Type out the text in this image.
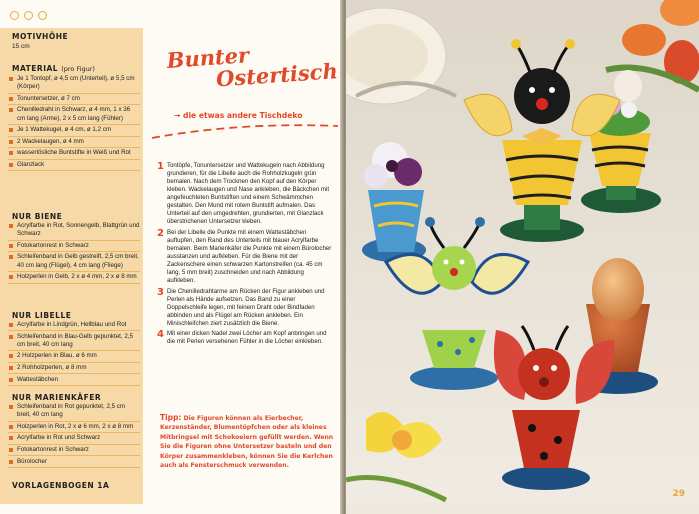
MOTIVHÖHE
15 cm
MATERIAL (pro Figur)
Je 1 Tontopf, ø 4,5 cm (Unterteil), ø 5,5 cm (Körper)
Tonuntersetzer, ø 7 cm
Chenilledraht in Schwarz, ø 4 mm, 1 x 36 cm lang (Arme), 2 x 5 cm lang (Fühler)
Je 1 Wattekugel, ø 4 cm, ø 1,2 cm
2 Wackelaugen, ø 4 mm
wasserlösliche Buntstifte in Weiß und Rot
Glanzlack
NUR BIENE
Acrylfarbe in Rot, Sonnengelb, Blattgrün und Schwarz
Fotokartonrest in Schwarz
Schleifenband in Gelb gestreift, 2,5 cm breit, 40 cm lang (Flügel), 4 cm lang (Fliege)
Holzperlen in Gelb, 2 x ø 4 mm, 2 x ø 8 mm
NUR LIBELLE
Acrylfarbe in Lindgrün, Hellblau und Rot
Schleifenband in Blau-Gelb gepunktet, 2,5 cm breit, 40 cm lang
2 Holzperlen in Blau, ø 6 mm
2 Rohholzperlen, ø 8 mm
Wattestäbchen
NUR MARIENKÄFER
Schleifenband in Rot gepunktet, 2,5 cm breit, 40 cm lang
Holzperlen in Rot, 2 x ø 6 mm, 2 x ø 8 mm
Acrylfarbe in Rot und Schwarz
Fotokartonrest in Schwarz
Bürolocher
VORLAGENBOGEN 1A
Bunter
Ostertisch
→ die etwas andere Tischdeko
1 Tontöpfe, Tonuntersetzer und Wattekugeln nach Abbildung grundieren, für die Libelle auch die Rohholzkugeln grün bemalen. Nach dem Trocknen den Kopf auf den Körper kleben. Wackelaugen und Nase ankleben, die Bäckchen mit angefeuchteten Buntstiften und einem Schwämmchen gestalten. Den Mund mit rotem Buntstift aufmalen. Das Unterteil auf den umgedrehten, grundierten, mit Glanzlack überstrichenen Untersetzer kleben.
2 Bei der Libelle die Punkte mit einem Wattestäbchen auftupfen, den Rand des Unterteils mit blauer Acrylfarbe bemalen. Beim Marienkäfer die Punkte mit einem Bürolocher ausstanzen und aufkleben. Für die Biene mit der Zackenschere einen schwarzen Kartonstreifen (ca. 45 cm lang, 5 mm breit) zuschneiden und nach Abbildung aufkleben.
3 Die Chenilledrahtarme am Rücken der Figur ankleben und Perlen als Hände aufsetzen. Das Band zu einer Doppelschleife legen, mit feinem Draht oder Bindfaden abbinden und als Flügel am Rücken ankleben. Ein Minischleifchen ziert zusätzlich die Biene.
4 Mit einer dicken Nadel zwei Löcher am Kopf anbringen und die mit Perlen versehenen Fühler in die Löcher einkleben.
Tipp: Die Figuren können als Eierbecher, Kerzenständer, Blumentöpfchen oder als kleines Mitbringsel mit Schokoeiern gefüllt werden. Wenn Sie die Figuren ohne Untersetzer basteln und den Körper zusammenkleben, können Sie die Kerlchen auch als Fensterschmuck verwenden.
29
